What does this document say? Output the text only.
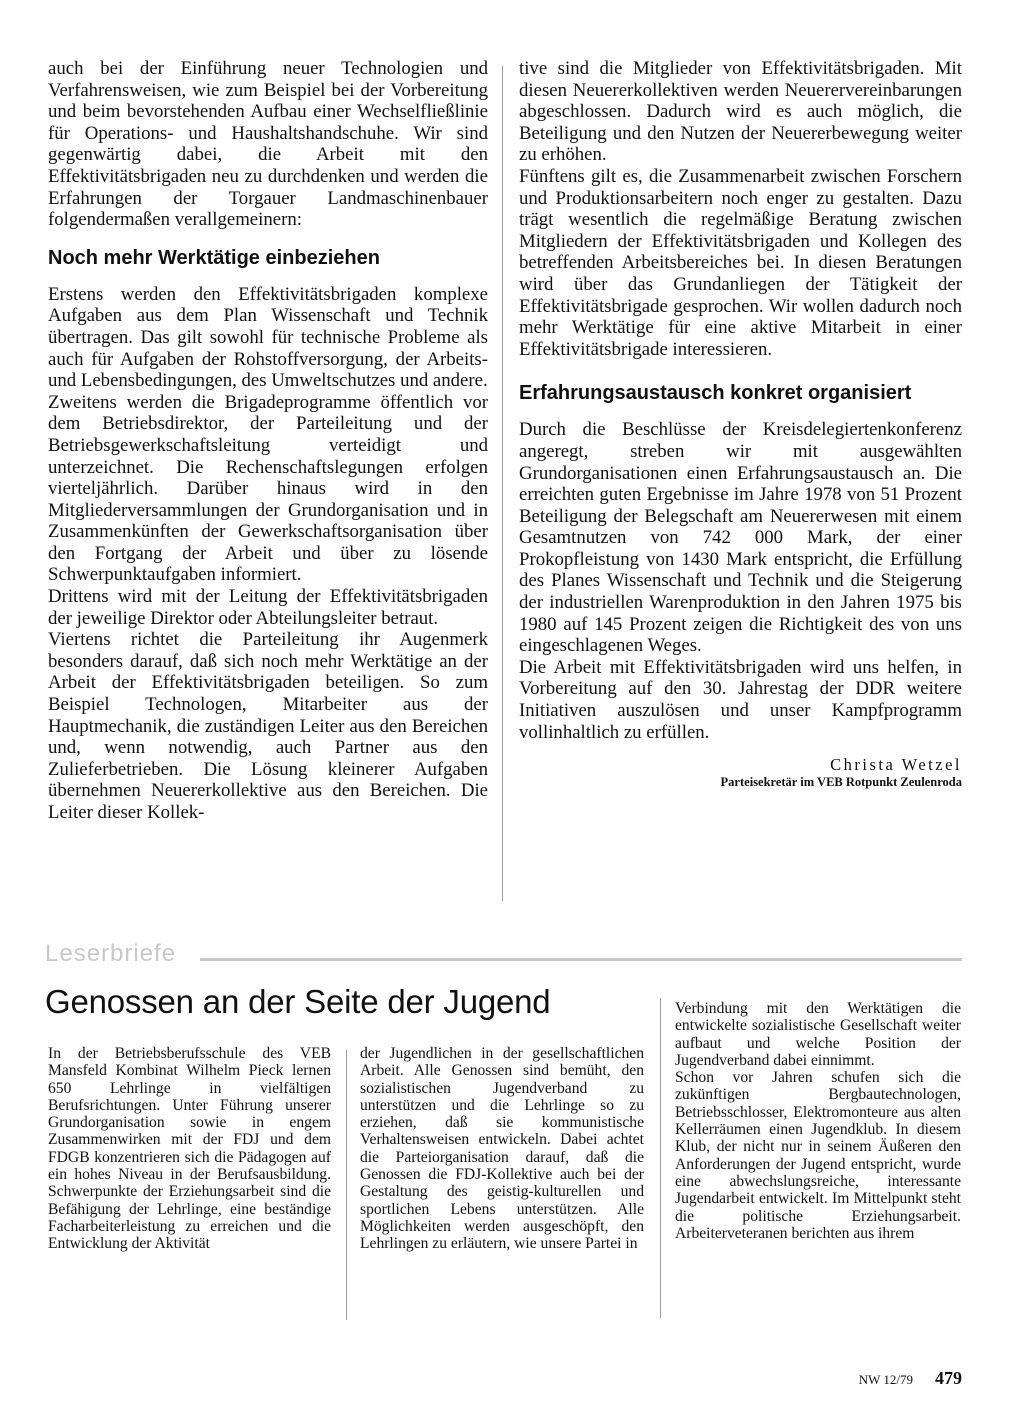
auch bei der Einführung neuer Technologien und Verfahrensweisen, wie zum Beispiel bei der Vorbereitung und beim bevorstehenden Aufbau einer Wechselfließlinie für Operations- und Haushaltshandschuhe. Wir sind gegenwärtig dabei, die Arbeit mit den Effektivitätsbrigaden neu zu durchdenken und werden die Erfahrungen der Torgauer Landmaschinenbauer folgendermaßen verallgemeinern:

Noch mehr Werktätige einbeziehen

Erstens werden den Effektivitätsbrigaden komplexe Aufgaben aus dem Plan Wissenschaft und Technik übertragen. Das gilt sowohl für technische Probleme als auch für Aufgaben der Rohstoffversorgung, der Arbeits- und Lebensbedingungen, des Umweltschutzes und andere.
Zweitens werden die Brigadeprogramme öffentlich vor dem Betriebsdirektor, der Parteileitung und der Betriebsgewerkschaftsleitung verteidigt und unterzeichnet. Die Rechenschaftslegungen erfolgen vierteljährlich. Darüber hinaus wird in den Mitgliederversammlungen der Grundorganisation und in Zusammenkünften der Gewerkschaftsorganisation über den Fortgang der Arbeit und über zu lösende Schwerpunktaufgaben informiert.
Drittens wird mit der Leitung der Effektivitätsbrigaden der jeweilige Direktor oder Abteilungsleiter betraut.
Viertens richtet die Parteileitung ihr Augenmerk besonders darauf, daß sich noch mehr Werktätige an der Arbeit der Effektivitätsbrigaden beteiligen. So zum Beispiel Technologen, Mitarbeiter aus der Hauptmechanik, die zuständigen Leiter aus den Bereichen und, wenn notwendig, auch Partner aus den Zulieferbetrieben. Die Lösung kleinerer Aufgaben übernehmen Neuererkollektive aus den Bereichen. Die Leiter dieser Kollek-

tive sind die Mitglieder von Effektivitätsbrigaden. Mit diesen Neuererkollektiven werden Neuerervereinbarungen abgeschlossen. Dadurch wird es auch möglich, die Beteiligung und den Nutzen der Neuererbewegung weiter zu erhöhen.
Fünftens gilt es, die Zusammenarbeit zwischen Forschern und Produktionsarbeitern noch enger zu gestalten. Dazu trägt wesentlich die regelmäßige Beratung zwischen Mitgliedern der Effektivitätsbrigaden und Kollegen des betreffenden Arbeitsbereiches bei. In diesen Beratungen wird über das Grundanliegen der Tätigkeit der Effektivitätsbrigade gesprochen. Wir wollen dadurch noch mehr Werktätige für eine aktive Mitarbeit in einer Effektivitätsbrigade interessieren.

Erfahrungsaustausch konkret organisiert

Durch die Beschlüsse der Kreisdelegiertenkonferenz angeregt, streben wir mit ausgewählten Grundorganisationen einen Erfahrungsaustausch an. Die erreichten guten Ergebnisse im Jahre 1978 von 51 Prozent Beteiligung der Belegschaft am Neuererwesen mit einem Gesamtnutzen von 742 000 Mark, der einer Prokopfleistung von 1430 Mark entspricht, die Erfüllung des Planes Wissenschaft und Technik und die Steigerung der industriellen Warenproduktion in den Jahren 1975 bis 1980 auf 145 Prozent zeigen die Richtigkeit des von uns eingeschlagenen Weges.
Die Arbeit mit Effektivitätsbrigaden wird uns helfen, in Vorbereitung auf den 30. Jahrestag der DDR weitere Initiativen auszulösen und unser Kampfprogramm vollinhaltlich zu erfüllen.

Christa Wetzel
Parteisekretär im VEB Rotpunkt Zeulenroda
Leserbriefe
Genossen an der Seite der Jugend

In der Betriebsberufsschule des VEB Mansfeld Kombinat Wilhelm Pieck lernen 650 Lehrlinge in vielfältigen Berufsrichtungen. Unter Führung unserer Grundorganisation sowie in engem Zusammenwirken mit der FDJ und dem FDGB konzentrieren sich die Pädagogen auf ein hohes Niveau in der Berufsausbildung. Schwerpunkte der Erziehungsarbeit sind die Befähigung der Lehrlinge, eine beständige Facharbeiterleistung zu erreichen und die Entwicklung der Aktivität

der Jugendlichen in der gesellschaftlichen Arbeit. Alle Genossen sind bemüht, den sozialistischen Jugendverband zu unterstützen und die Lehrlinge so zu erziehen, daß sie kommunistische Verhaltensweisen entwickeln. Dabei achtet die Parteiorganisation darauf, daß die Genossen die FDJ-Kollektive auch bei der Gestaltung des geistig-kulturellen und sportlichen Lebens unterstützen. Alle Möglichkeiten werden ausgeschöpft, den Lehrlingen zu erläutern, wie unsere Partei in

Verbindung mit den Werktätigen die entwickelte sozialistische Gesellschaft weiter aufbaut und welche Position der Jugendverband dabei einnimmt.
Schon vor Jahren schufen sich die zukünftigen Bergbautechnologen, Betriebsschlosser, Elektromonteure aus alten Kellerräumen einen Jugendklub. In diesem Klub, der nicht nur in seinem Äußeren den Anforderungen der Jugend entspricht, wurde eine abwechslungsreiche, interessante Jugendarbeit entwickelt. Im Mittelpunkt steht die politische Erziehungsarbeit. Arbeiterveteranen berichten aus ihrem

NW 12/79 479
